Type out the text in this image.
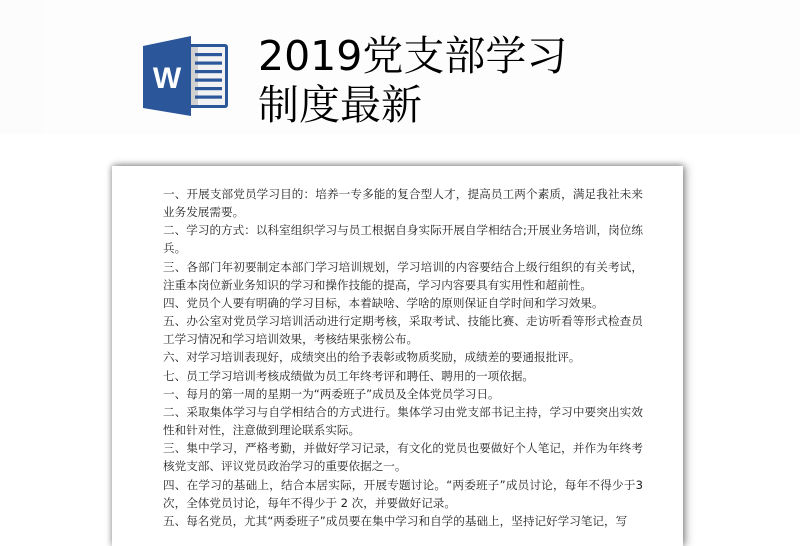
W 2019党支部学习
制度最新

一、开展支部党员学习目的：培养一专多能的复合型人才，提高员工两个素质，满足我社未来业务发展需要。

二、学习的方式：以科室组织学习与员工根据自身实际开展自学相结合;开展业务培训，岗位练兵。

三、各部门年初要制定本部门学习培训规划，学习培训的内容要结合上级行组织的有关考试，注重本岗位新业务知识的学习和操作技能的提高，学习内容要具有实用性和超前性。

四、党员个人要有明确的学习目标，本着缺啥、学啥的原则保证自学时间和学习效果。

五、办公室对党员学习培训活动进行定期考核，采取考试、技能比赛、走访听看等形式检查员工学习情况和学习培训效果，考核结果张榜公布。

六、对学习培训表现好，成绩突出的给予表彰或物质奖励，成绩差的要通报批评。

七、员工学习培训考核成绩做为员工年终考评和聘任、聘用的一项依据。

一、每月的第一周的星期一为“两委班子”成员及全体党员学习日。

二、采取集体学习与自学相结合的方式进行。集体学习由党支部书记主持，学习中要突出实效性和针对性，注意做到理论联系实际。

三、集中学习，严格考勤，并做好学习记录，有文化的党员也要做好个人笔记，并作为年终考核党支部、评议党员政治学习的重要依据之一。

四、在学习的基础上，结合本居实际，开展专题讨论。“两委班子”成员讨论，每年不得少于3 次，全体党员讨论，每年不得少于 2 次，并要做好记录。

五、每名党员，尤其“两委班子”成员要在集中学习和自学的基础上，坚持记好学习笔记，写
